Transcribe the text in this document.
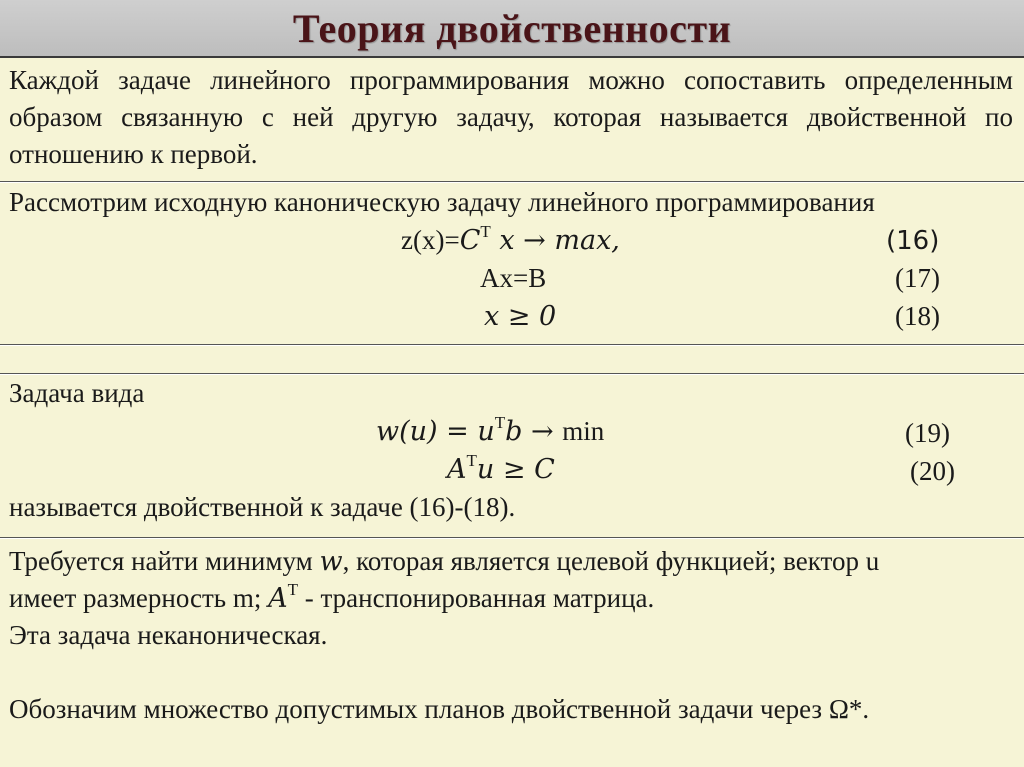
Теория двойственности
Каждой задаче линейного программирования можно сопоставить определенным образом связанную с ней другую задачу, которая называется двойственной по отношению к первой.
Рассмотрим исходную каноническую задачу линейного программирования
$z(x)=C^T$ x → max,	(16)
Ax=B	(17)
x ≥ 0	(18)
Задача вида
$w(u) = u^Tb \to \min$	(19)
$A^Tu \ge C$	(20)
называется двойственной к задаче (16)-(18).
Требуется найти минимум w, которая является целевой функцией; вектор u
имеет размерность m; $A^T$ - транспонированная матрица.
Эта задача неканоническая.
Обозначим множество допустимых планов двойственной задачи через Ω*.
